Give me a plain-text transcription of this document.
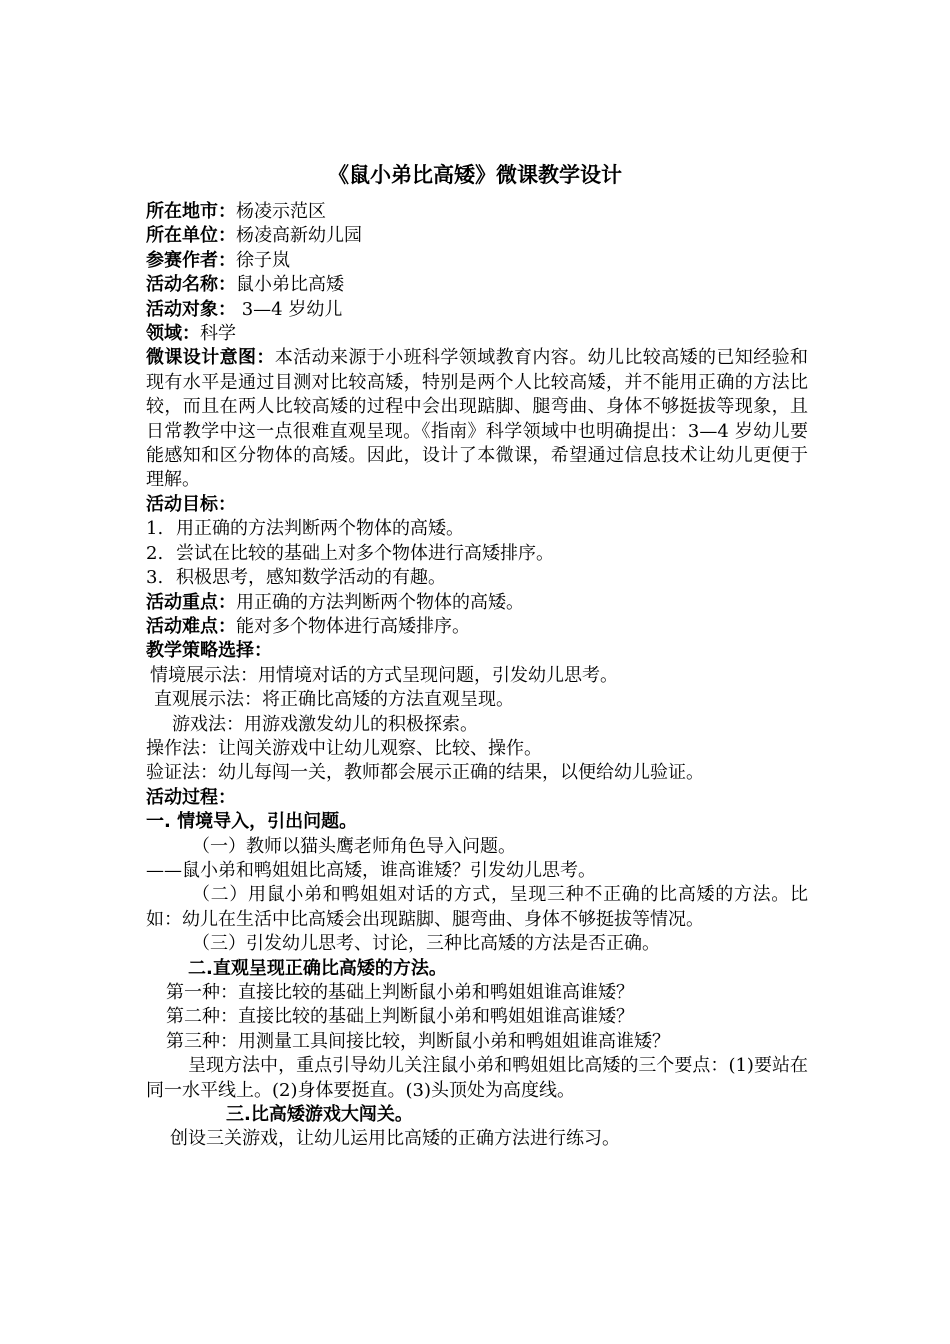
《鼠小弟比高矮》微课教学设计
所在地市：杨凌示范区
所在单位：杨凌高新幼儿园
参赛作者：徐子岚
活动名称：鼠小弟比高矮
活动对象： 3—4 岁幼儿
领域：科学
微课设计意图：本活动来源于小班科学领域教育内容。幼儿比较高矮的已知经验和现有水平是通过目测对比较高矮，特别是两个人比较高矮，并不能用正确的方法比较，而且在两人比较高矮的过程中会出现踮脚、腿弯曲、身体不够挺拔等现象，且日常教学中这一点很难直观呈现。《指南》科学领域中也明确提出：3—4 岁幼儿要能感知和区分物体的高矮。因此，设计了本微课，希望通过信息技术让幼儿更便于理解。
活动目标：
1. 用正确的方法判断两个物体的高矮。
2. 尝试在比较的基础上对多个物体进行高矮排序。
3. 积极思考，感知数学活动的有趣。
活动重点：用正确的方法判断两个物体的高矮。
活动难点：能对多个物体进行高矮排序。
教学策略选择：
情境展示法：用情境对话的方式呈现问题，引发幼儿思考。
直观展示法：将正确比高矮的方法直观呈现。
游戏法：用游戏激发幼儿的积极探索。
操作法：让闯关游戏中让幼儿观察、比较、操作。
验证法：幼儿每闯一关，教师都会展示正确的结果，以便给幼儿验证。
活动过程：
一. 情境导入，引出问题。
（一）教师以猫头鹰老师角色导入问题。
——鼠小弟和鸭姐姐比高矮，谁高谁矮？引发幼儿思考。
（二）用鼠小弟和鸭姐姐对话的方式，呈现三种不正确的比高矮的方法。比如：幼儿在生活中比高矮会出现踮脚、腿弯曲、身体不够挺拔等情况。
（三）引发幼儿思考、讨论，三种比高矮的方法是否正确。
二.直观呈现正确比高矮的方法。
第一种：直接比较的基础上判断鼠小弟和鸭姐姐谁高谁矮？
第二种：直接比较的基础上判断鼠小弟和鸭姐姐谁高谁矮？
第三种：用测量工具间接比较，判断鼠小弟和鸭姐姐谁高谁矮？
呈现方法中，重点引导幼儿关注鼠小弟和鸭姐姐比高矮的三个要点：(1)要站在同一水平线上。(2)身体要挺直。(3)头顶处为高度线。
三.比高矮游戏大闯关。
创设三关游戏，让幼儿运用比高矮的正确方法进行练习。
